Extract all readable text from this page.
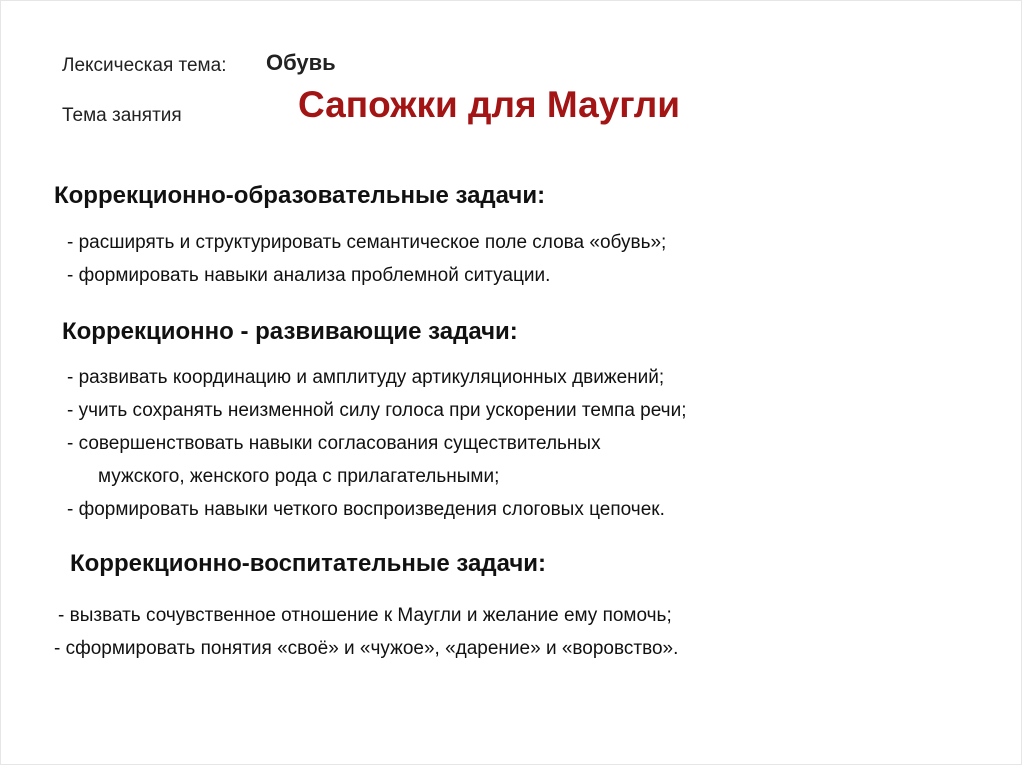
Лексическая тема: Обувь
Тема занятия	Сапожки для Маугли
Коррекционно-образовательные задачи:
- расширять и структурировать семантическое поле слова «обувь»;
- формировать навыки анализа проблемной ситуации.
Коррекционно - развивающие задачи:
- развивать координацию и амплитуду артикуляционных движений;
- учить сохранять неизменной силу голоса при ускорении темпа речи;
- совершенствовать навыки согласования существительных
мужского, женского рода с прилагательными;
- формировать навыки четкого воспроизведения слоговых цепочек.
Коррекционно-воспитательные задачи:
- вызвать сочувственное отношение к Маугли и желание ему помочь;
- сформировать понятия «своё» и «чужое», «дарение» и «воровство».
